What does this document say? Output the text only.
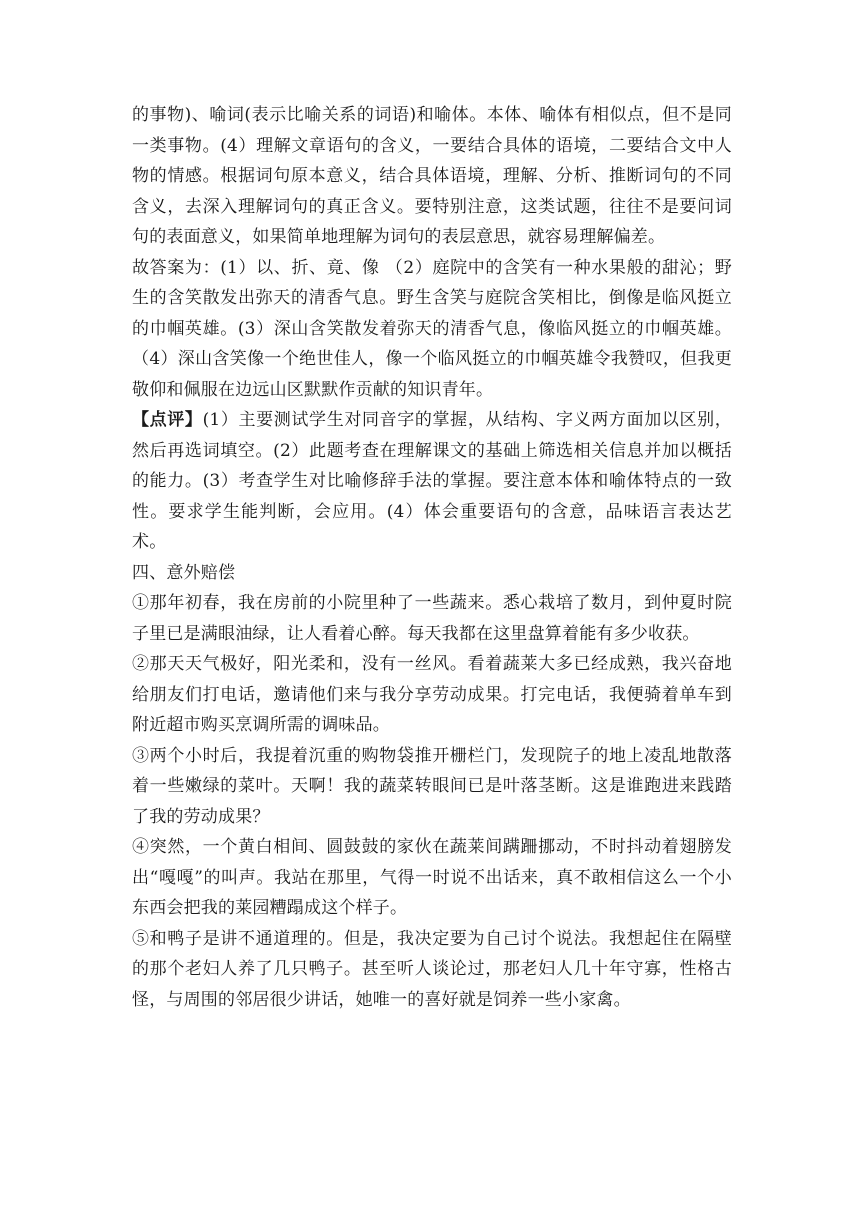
的事物)、喻词(表示比喻关系的词语)和喻体。本体、喻体有相似点，但不是同一类事物。(4）理解文章语句的含义，一要结合具体的语境，二要结合文中人物的情感。根据词句原本意义，结合具体语境，理解、分析、推断词句的不同含义，去深入理解词句的真正含义。要特别注意，这类试题，往往不是要问词句的表面意义，如果简单地理解为词句的表层意思，就容易理解偏差。

故答案为：(1）以、折、竟、像 （2）庭院中的含笑有一种水果般的甜沁；野生的含笑散发出弥天的清香气息。野生含笑与庭院含笑相比，倒像是临风挺立的巾帼英雄。(3）深山含笑散发着弥天的清香气息，像临风挺立的巾帼英雄。 （4）深山含笑像一个绝世佳人，像一个临风挺立的巾帼英雄令我赞叹，但我更敬仰和佩服在边远山区默默作贡献的知识青年。

【点评】(1）主要测试学生对同音字的掌握，从结构、字义两方面加以区别，然后再选词填空。(2）此题考查在理解课文的基础上筛选相关信息并加以概括的能力。(3）考查学生对比喻修辞手法的掌握。要注意本体和喻体特点的一致性。要求学生能判断，会应用。(4）体会重要语句的含意，品味语言表达艺术。

四、意外赔偿

①那年初春，我在房前的小院里种了一些蔬来。悉心栽培了数月，到仲夏时院子里已是满眼油绿，让人看着心醉。每天我都在这里盘算着能有多少收获。

②那天天气极好，阳光柔和，没有一丝风。看着蔬莱大多已经成熟，我兴奋地给朋友们打电话，邀请他们来与我分享劳动成果。打完电话，我便骑着单车到附近超市购买烹调所需的调味品。

③两个小时后，我提着沉重的购物袋推开栅栏门，发现院子的地上凌乱地散落着一些嫩绿的菜叶。天啊！我的蔬菜转眼间已是叶落茎断。这是谁跑进来践踏了我的劳动成果？

④突然，一个黄白相间、圆鼓鼓的家伙在蔬莱间蹒跚挪动，不时抖动着翅膀发出“嘎嘎”的叫声。我站在那里，气得一时说不出话来，真不敢相信这么一个小东西会把我的莱园糟蹋成这个样子。

⑤和鸭子是讲不通道理的。但是，我决定要为自己讨个说法。我想起住在隔壁的那个老妇人养了几只鸭子。甚至听人谈论过，那老妇人几十年守寡，性格古怪，与周围的邻居很少讲话，她唯一的喜好就是饲养一些小家禽。
